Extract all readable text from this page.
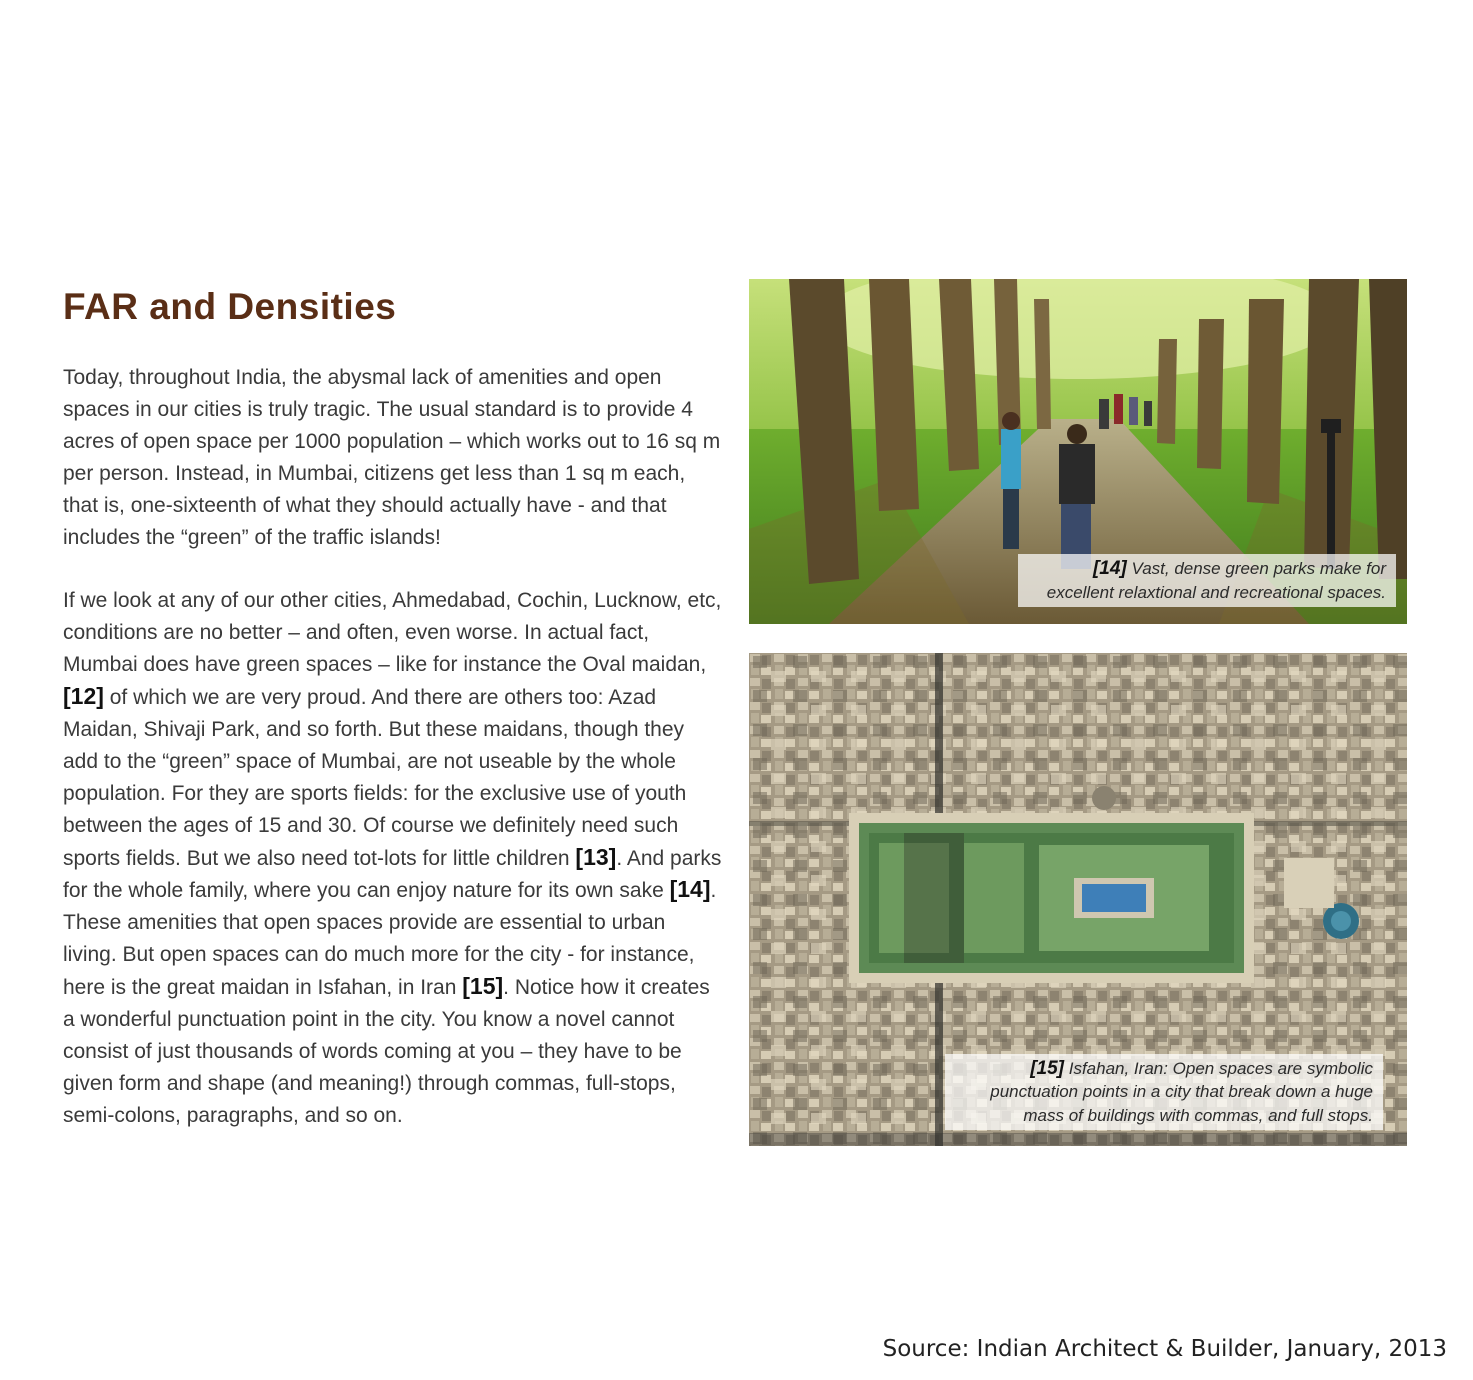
FAR and Densities

Today, throughout India, the abysmal lack of amenities and open spaces in our cities is truly tragic. The usual standard is to provide 4 acres of open space per 1000 population – which works out to 16 sq m per person. Instead, in Mumbai, citizens get less than 1 sq m each, that is, one-sixteenth of what they should actually have - and that includes the “green” of the traffic islands!

If we look at any of our other cities, Ahmedabad, Cochin, Lucknow, etc, conditions are no better – and often, even worse. In actual fact, Mumbai does have green spaces – like for instance the Oval maidan, [12] of which we are very proud. And there are others too: Azad Maidan, Shivaji Park, and so forth. But these maidans, though they add to the “green” space of Mumbai, are not useable by the whole population. For they are sports fields: for the exclusive use of youth between the ages of 15 and 30. Of course we definitely need such sports fields. But we also need tot-lots for little children [13]. And parks for the whole family, where you can enjoy nature for its own sake [14]. These amenities that open spaces provide are essential to urban living. But open spaces can do much more for the city - for instance, here is the great maidan in Isfahan, in Iran [15]. Notice how it creates a wonderful punctuation point in the city. You know a novel cannot consist of just thousands of words coming at you – they have to be given form and shape (and meaning!) through commas, full-stops, semi-colons, paragraphs, and so on.

[14] Vast, dense green parks make for excellent relaxtional and recreational spaces.
[15] Isfahan, Iran: Open spaces are symbolic punctuation points in a city that break down a huge mass of buildings with commas, and full stops.
Source: Indian Architect & Builder, January, 2013
